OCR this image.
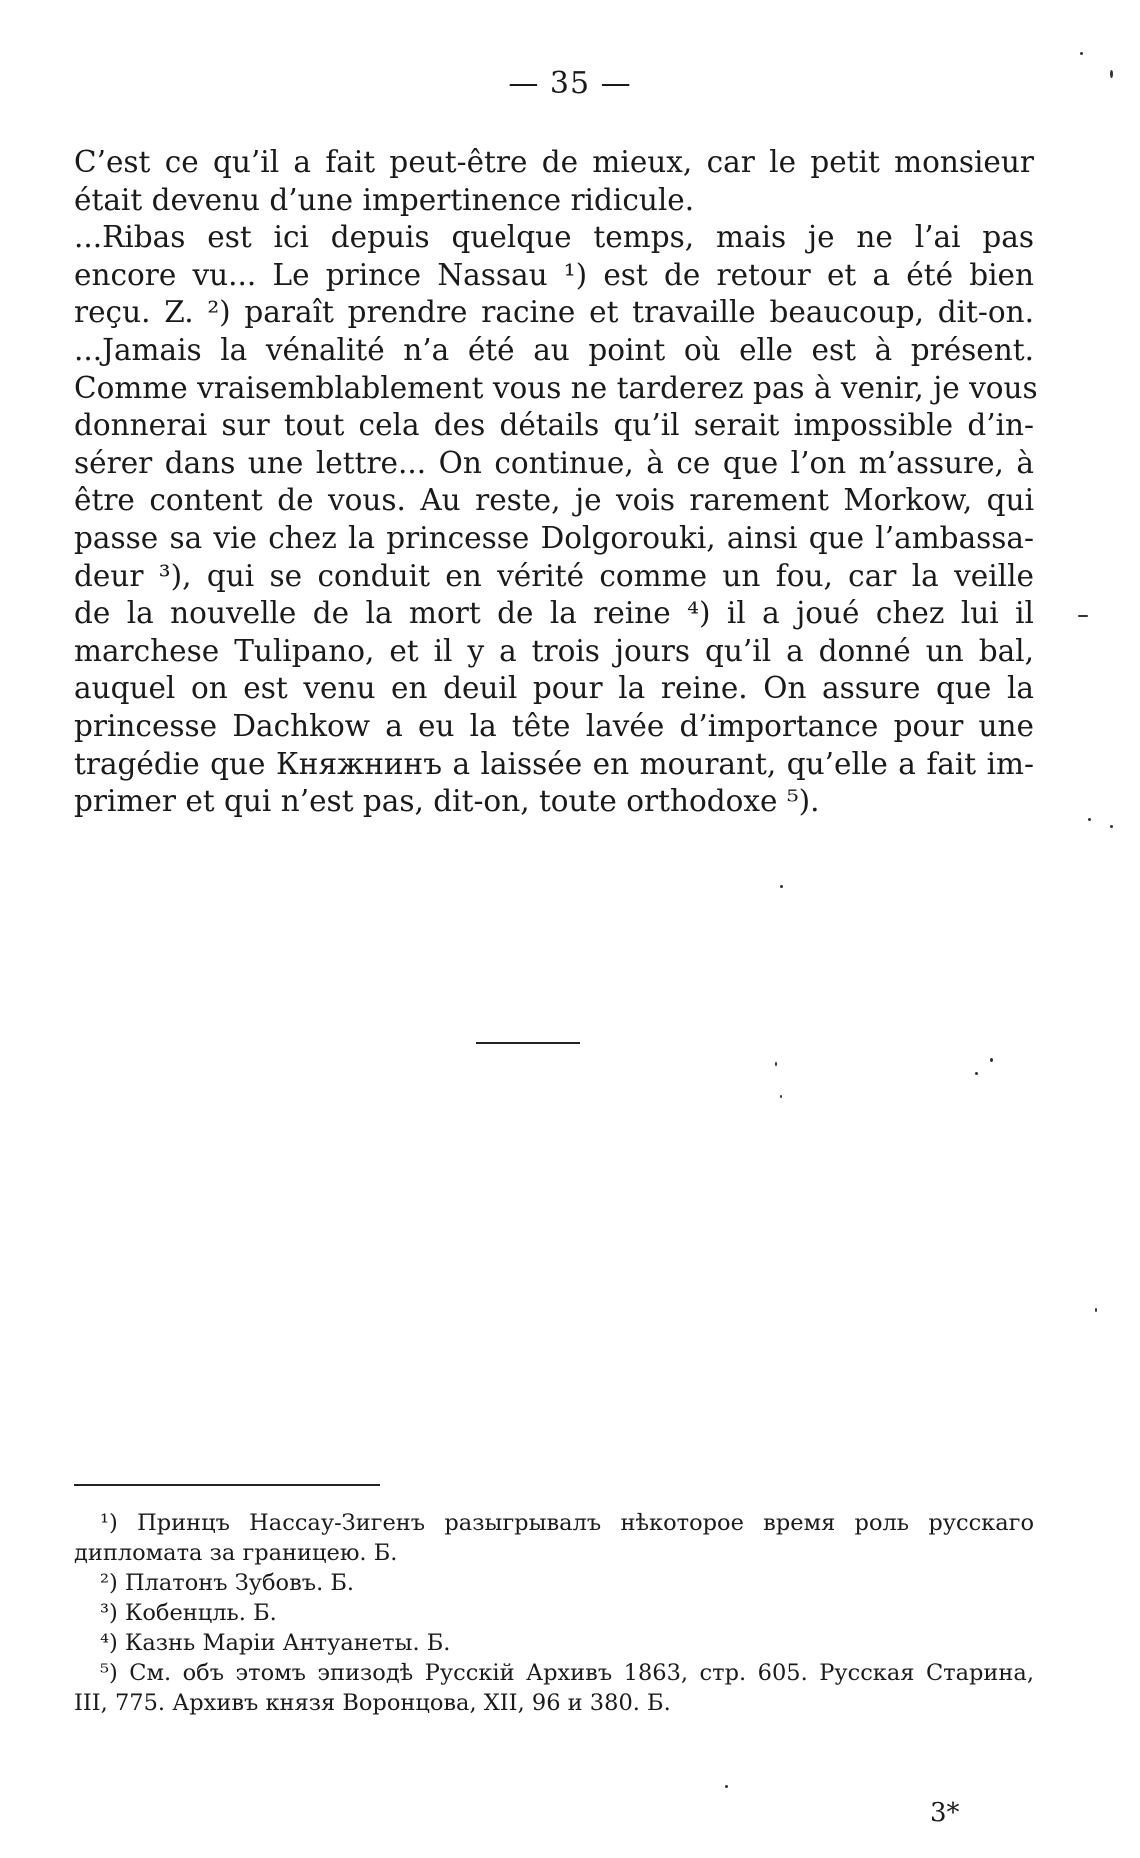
— 35 —
C’est ce qu’il a fait peut-être de mieux, car le petit monsieur
était devenu d’une impertinence ridicule.
...Ribas est ici depuis quelque temps, mais je ne l’ai pas
encore vu... Le prince Nassau ¹) est de retour et a été bien
reçu. Z. ²) paraît prendre racine et travaille beaucoup, dit-on.
...Jamais la vénalité n’a été au point où elle est à présent.
Comme vraisemblablement vous ne tarderez pas à venir, je vous
donnerai sur tout cela des détails qu’il serait impossible d’in-
sérer dans une lettre... On continue, à ce que l’on m’assure, à
être content de vous. Au reste, je vois rarement Morkow, qui
passe sa vie chez la princesse Dolgorouki, ainsi que l’ambassa-
deur ³), qui se conduit en vérité comme un fou, car la veille
de la nouvelle de la mort de la reine ⁴) il a joué chez lui il
marchese Tulipano, et il y a trois jours qu’il a donné un bal,
auquel on est venu en deuil pour la reine. On assure que la
princesse Dachkow a eu la tête lavée d’importance pour une
tragédie que Княжнинъ a laissée en mourant, qu’elle a fait im-
primer et qui n’est pas, dit-on, toute orthodoxe ⁵).
¹) Принцъ Нассау-Зигенъ разыгрывалъ нѣкоторое время роль русскаго
дипломата за границею. Б.
²) Платонъ Зубовъ. Б.
³) Кобенцль. Б.
⁴) Казнь Маріи Антуанеты. Б.
⁵) См. объ этомъ эпизодѣ Русскій Архивъ 1863, стр. 605. Русская Старина,
III, 775. Архивъ князя Воронцова, XII, 96 и 380. Б.
3*
